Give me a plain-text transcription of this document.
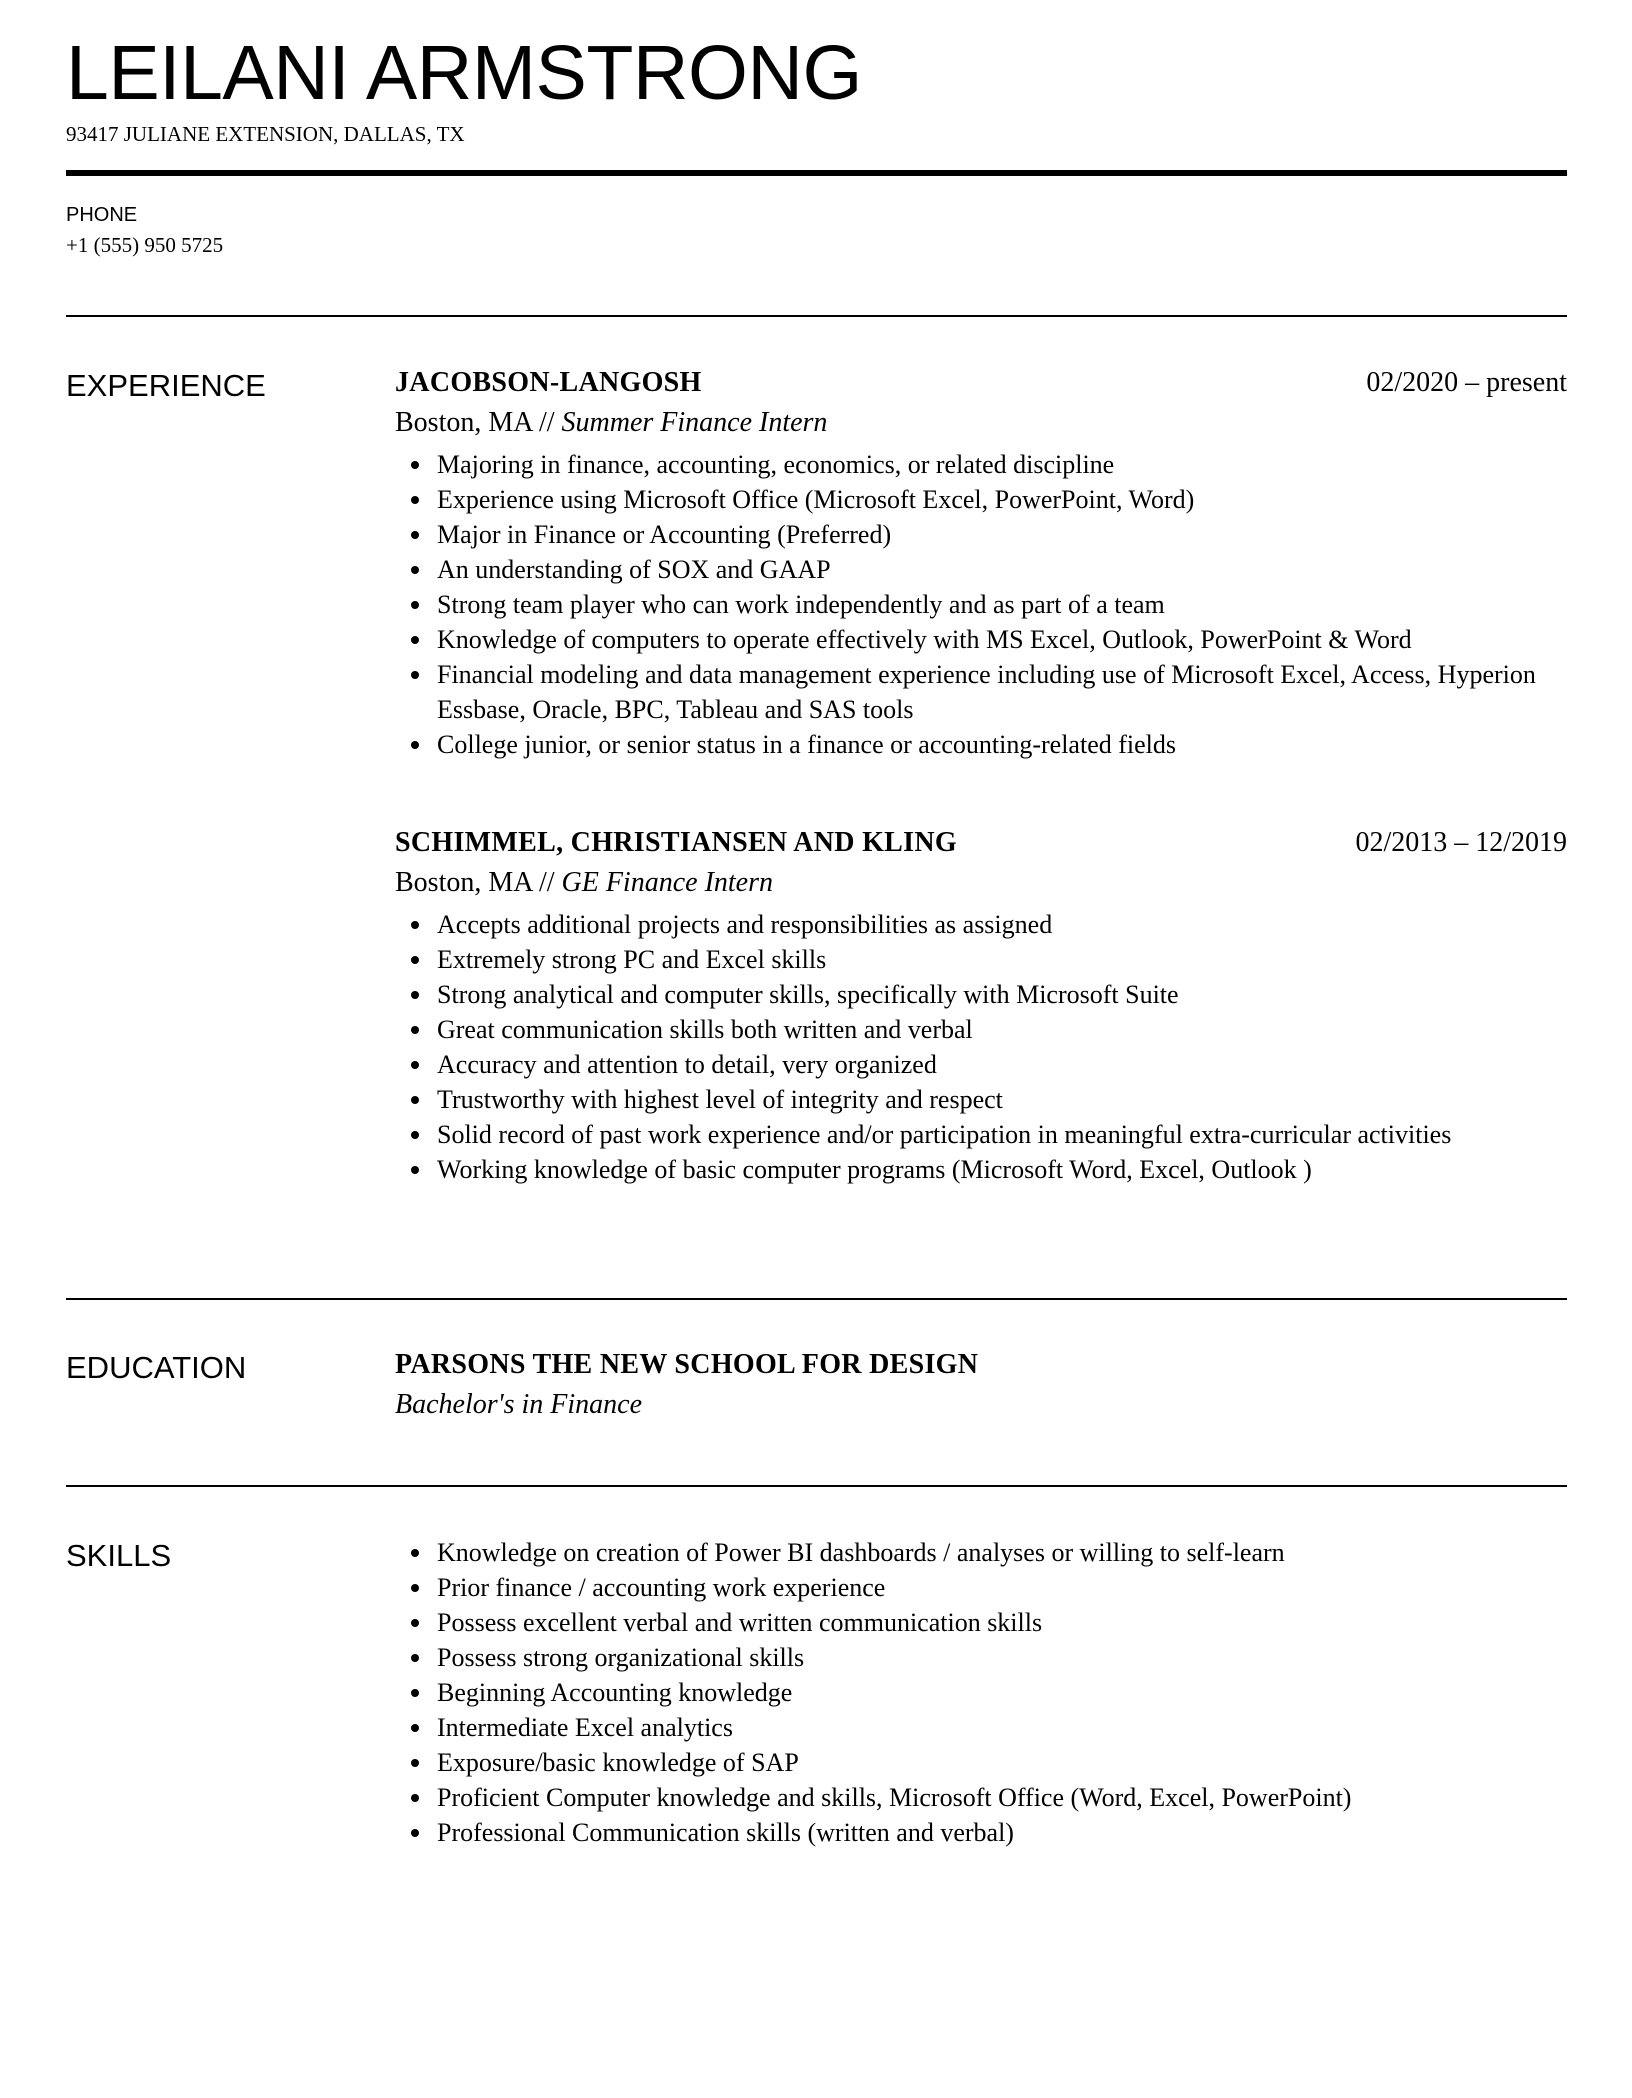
LEILANI ARMSTRONG
93417 JULIANE EXTENSION, DALLAS, TX
PHONE
+1 (555) 950 5725
EXPERIENCE	JACOBSON-LANGOSH	02/2020 – present
Boston, MA // Summer Finance Intern
Majoring in finance, accounting, economics, or related discipline
Experience using Microsoft Office (Microsoft Excel, PowerPoint, Word)
Major in Finance or Accounting (Preferred)
An understanding of SOX and GAAP
Strong team player who can work independently and as part of a team
Knowledge of computers to operate effectively with MS Excel, Outlook, PowerPoint & Word
Financial modeling and data management experience including use of Microsoft Excel, Access, Hyperion Essbase, Oracle, BPC, Tableau and SAS tools
College junior, or senior status in a finance or accounting-related fields
SCHIMMEL, CHRISTIANSEN AND KLING	02/2013 – 12/2019
Boston, MA // GE Finance Intern
Accepts additional projects and responsibilities as assigned
Extremely strong PC and Excel skills
Strong analytical and computer skills, specifically with Microsoft Suite
Great communication skills both written and verbal
Accuracy and attention to detail, very organized
Trustworthy with highest level of integrity and respect
Solid record of past work experience and/or participation in meaningful extra-curricular activities
Working knowledge of basic computer programs (Microsoft Word, Excel, Outlook )
EDUCATION	PARSONS THE NEW SCHOOL FOR DESIGN
Bachelor's in Finance
SKILLS	Knowledge on creation of Power BI dashboards / analyses or willing to self-learn
Prior finance / accounting work experience
Possess excellent verbal and written communication skills
Possess strong organizational skills
Beginning Accounting knowledge
Intermediate Excel analytics
Exposure/basic knowledge of SAP
Proficient Computer knowledge and skills, Microsoft Office (Word, Excel, PowerPoint)
Professional Communication skills (written and verbal)
